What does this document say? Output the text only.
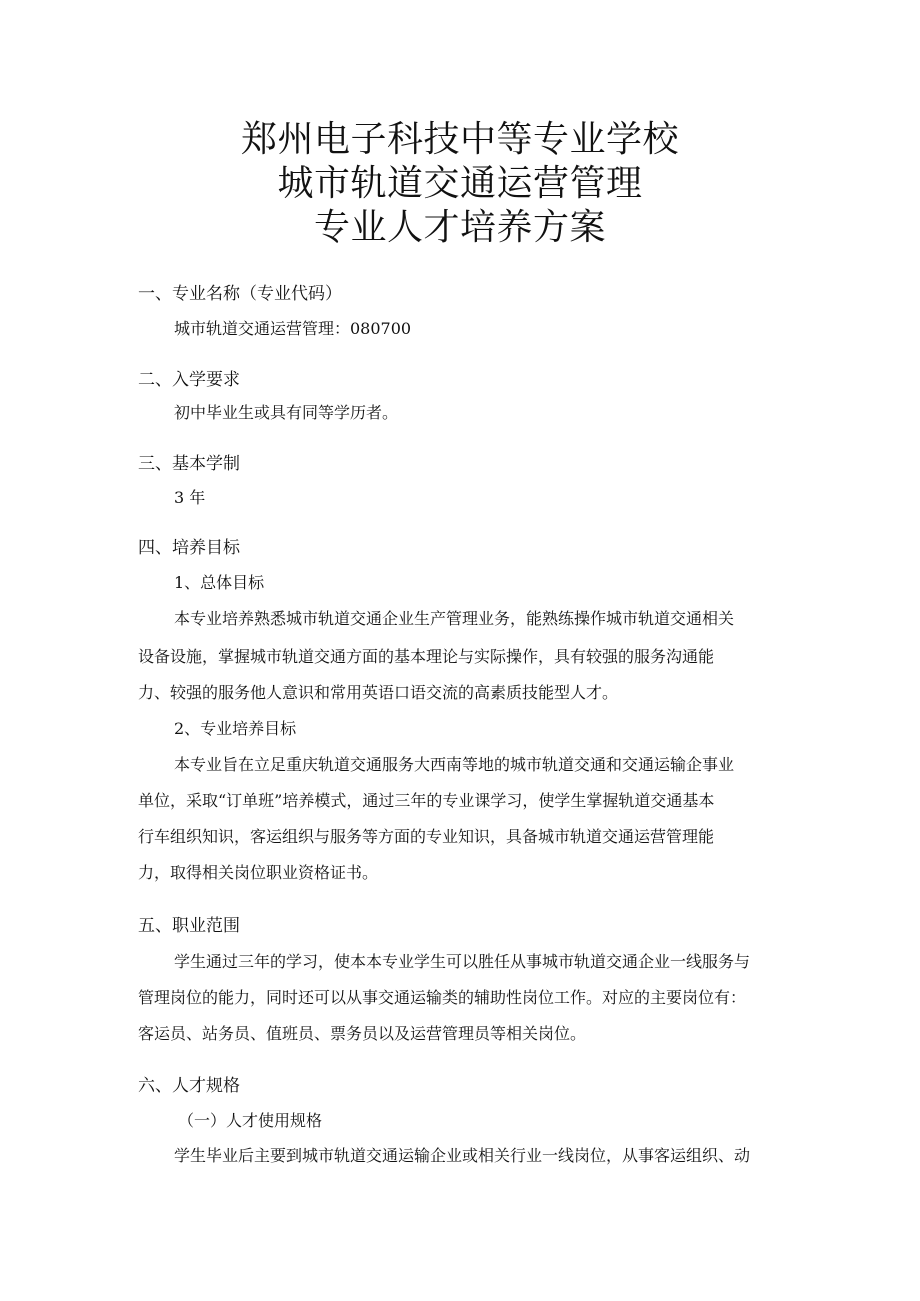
郑州电子科技中等专业学校
城市轨道交通运营管理
专业人才培养方案
一、专业名称（专业代码）
城市轨道交通运营管理：080700
二、入学要求
初中毕业生或具有同等学历者。
三、基本学制
3 年
四、培养目标
1、总体目标
本专业培养熟悉城市轨道交通企业生产管理业务，能熟练操作城市轨道交通相关
设备设施，掌握城市轨道交通方面的基本理论与实际操作，具有较强的服务沟通能
力、较强的服务他人意识和常用英语口语交流的高素质技能型人才。
2、专业培养目标
本专业旨在立足重庆轨道交通服务大西南等地的城市轨道交通和交通运输企事业
单位，采取“订单班”培养模式，通过三年的专业课学习，使学生掌握轨道交通基本
行车组织知识，客运组织与服务等方面的专业知识，具备城市轨道交通运营管理能
力，取得相关岗位职业资格证书。
五、职业范围
学生通过三年的学习，使本本专业学生可以胜任从事城市轨道交通企业一线服务与
管理岗位的能力，同时还可以从事交通运输类的辅助性岗位工作。对应的主要岗位有：
客运员、站务员、值班员、票务员以及运营管理员等相关岗位。
六、人才规格
（一）人才使用规格
学生毕业后主要到城市轨道交通运输企业或相关行业一线岗位，从事客运组织、动
